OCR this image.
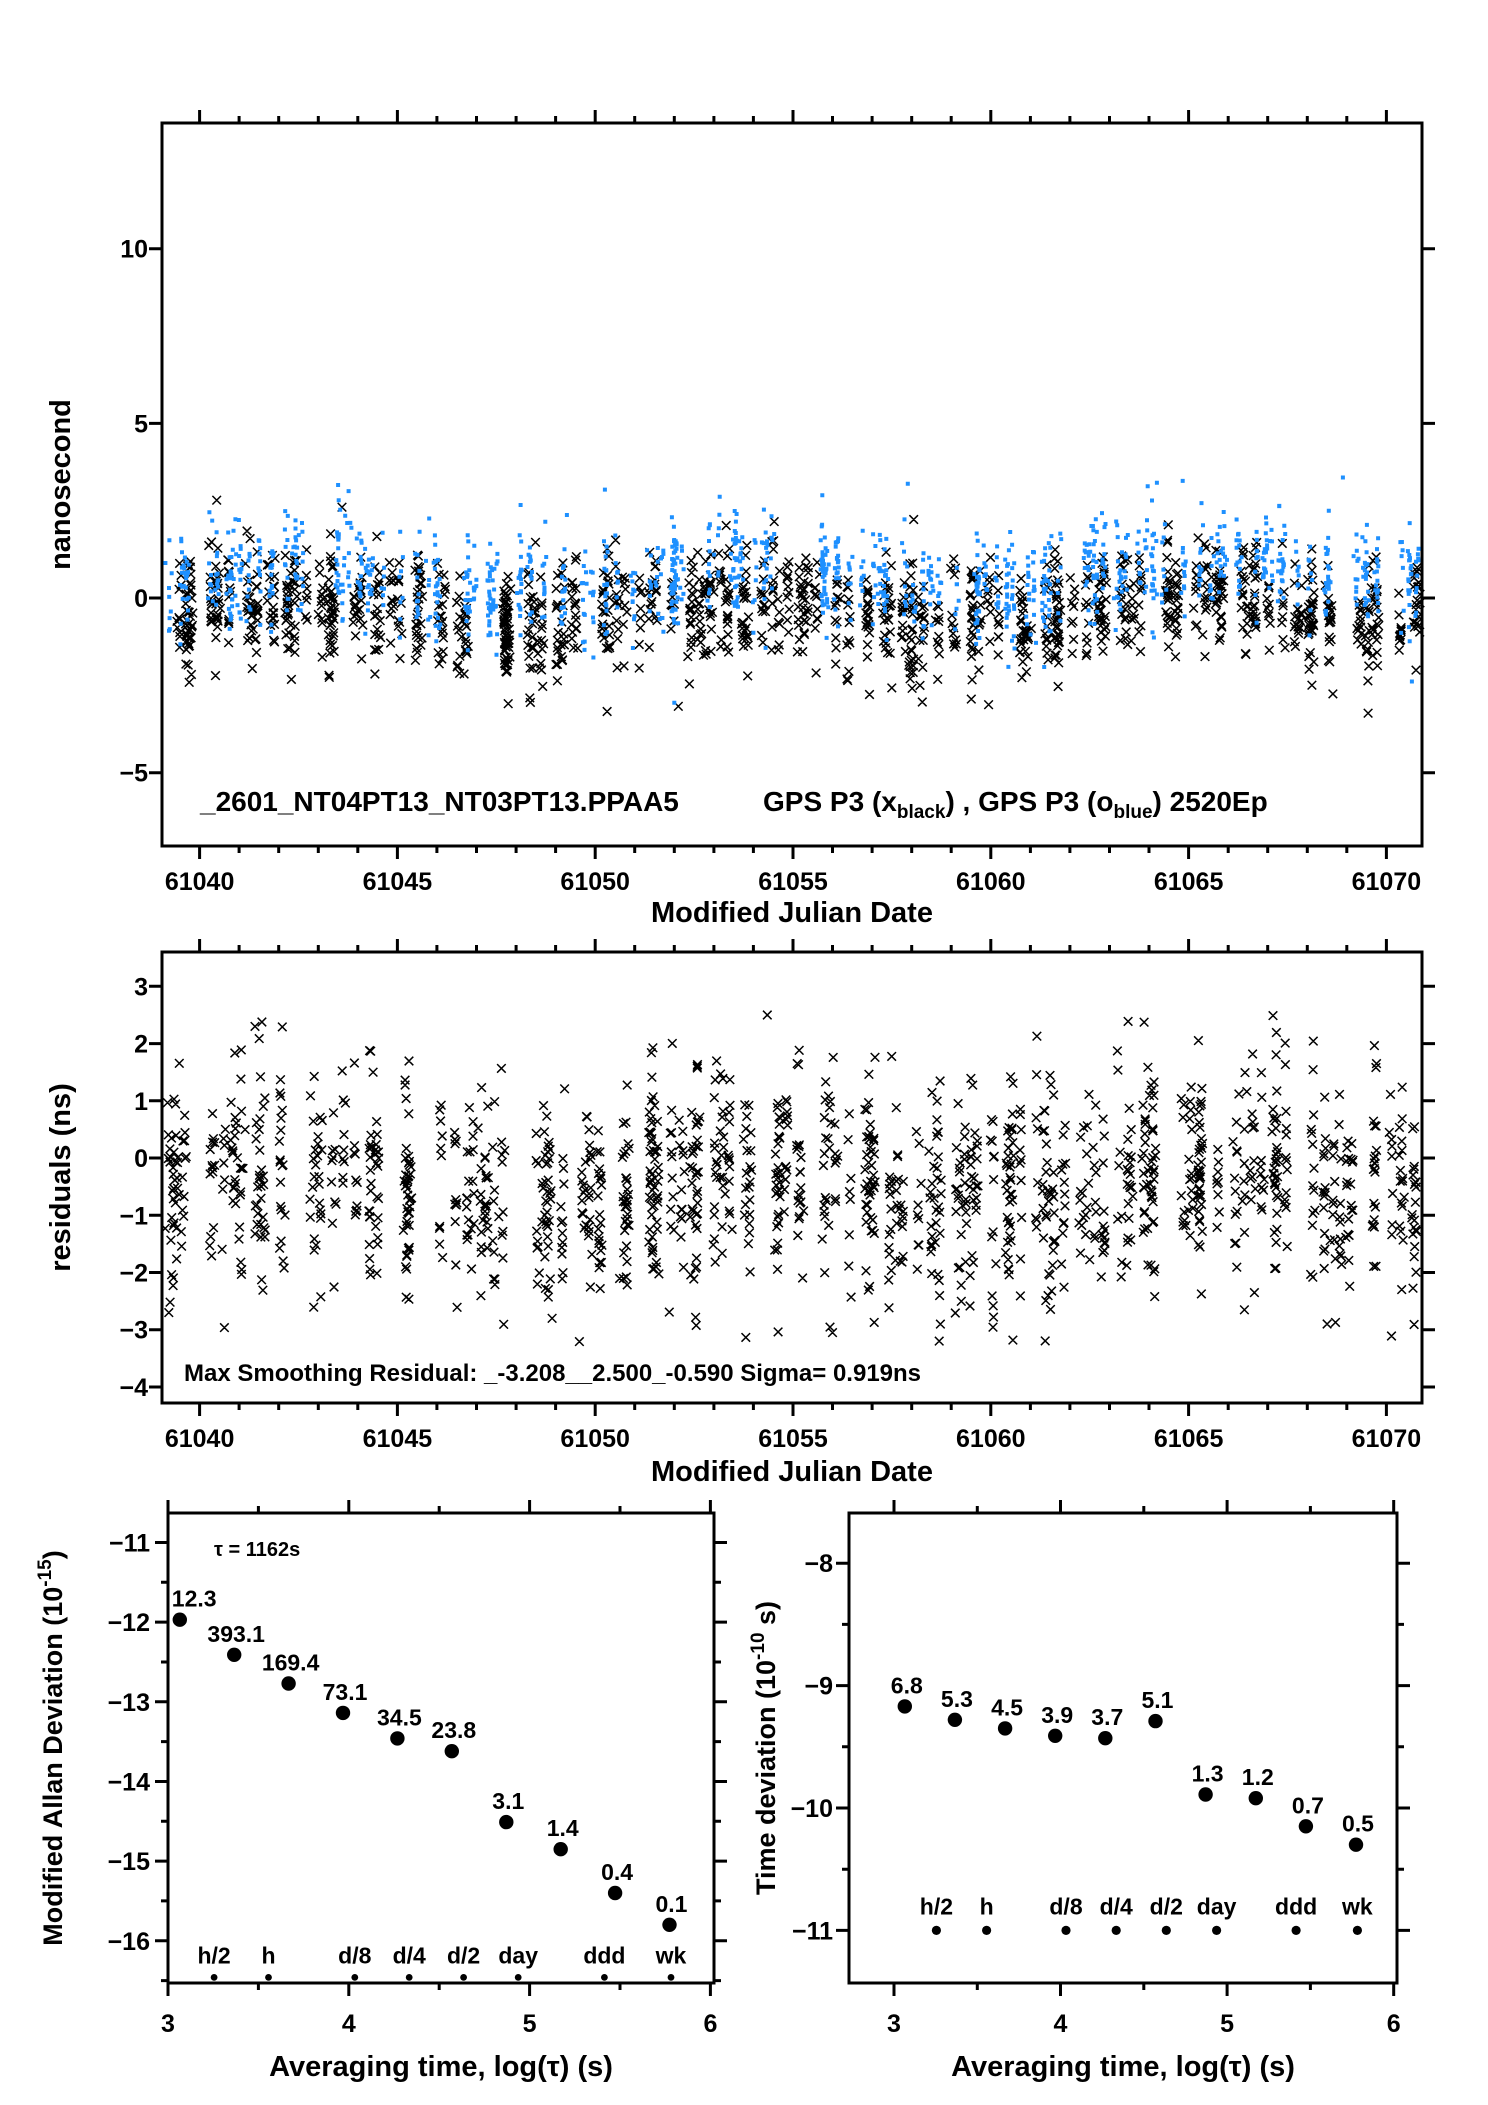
61040	61045	61050	61055	61060	61065	61070
−5
0
5
10
Modified Julian Date
nanosecond
_2601_NT04PT13_NT03PT13.PPAA5	GPS P3 $(x_{black})$ , GPS P3 $(o_{blue})$ 2520Ep
61040	61045	61050	61055	61060	61065	61070
3
2
1
0
−1
−2
−3
−4
Modified Julian Date
residuals (ns)
Max Smoothing Residual: _-3.208__2.500_-0.590 Sigma= 0.919ns
3	4	5	6
−11
−12
−13
−14
−15
−16
Averaging time, log(τ) (s)
Modified Allan Deviation $(10^{-15})$
12.3
393.1
169.4
73.1
34.5 23.8
3.1
1.4
0.4
0.1
h/2 h	d/8 d/4 d/2 day ddd wk
τ = 1162s
3	4	5	6
−8
−9
−10
−11
Averaging time, log(τ) (s)
Time deviation ($10^{-10}$ s)
6.8
5.3 4.5 3.9 3.7
5.1
1.3 1.2
0.7
0.5
h/2 h d/8 d/4 d/2 day ddd wk
